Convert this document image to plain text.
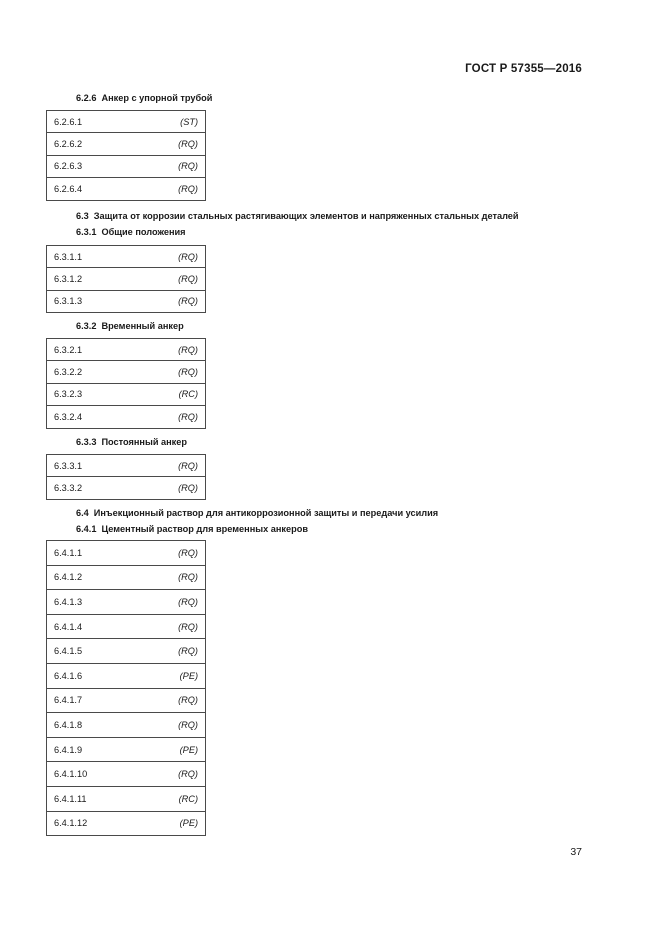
ГОСТ Р 57355—2016
6.2.6 Анкер с упорной трубой
6.2.6.1	(ST)

6.2.6.2	(RQ)

6.2.6.3	(RQ)

6.2.6.4	(RQ)
6.3 Защита от коррозии стальных растягивающих элементов и напряженных стальных деталей
6.3.1 Общие положения
6.3.1.1	(RQ)

6.3.1.2	(RQ)

6.3.1.3	(RQ)
6.3.2 Временный анкер
6.3.2.1	(RQ)

6.3.2.2	(RQ)

6.3.2.3	(RC)

6.3.2.4	(RQ)
6.3.3 Постоянный анкер
6.3.3.1	(RQ)

6.3.3.2	(RQ)
6.4 Инъекционный раствор для антикоррозионной защиты и передачи усилия
6.4.1 Цементный раствор для временных анкеров
6.4.1.1	(RQ)

6.4.1.2	(RQ)

6.4.1.3	(RQ)

6.4.1.4	(RQ)

6.4.1.5	(RQ)

6.4.1.6	(PE)

6.4.1.7	(RQ)

6.4.1.8	(RQ)

6.4.1.9	(PE)

6.4.1.10	(RQ)

6.4.1.11	(RC)

6.4.1.12	(PE)
37
